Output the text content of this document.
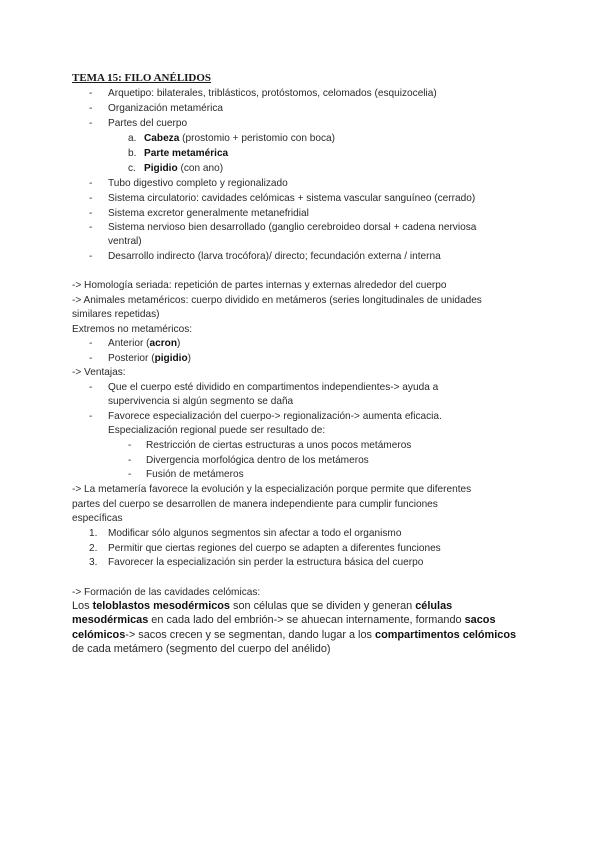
TEMA 15: FILO ANÉLIDOS
- Arquetipo: bilaterales, triblásticos, protóstomos, celomados (esquizocelia)
- Organización metamérica
- Partes del cuerpo
a. Cabeza (prostomio + peristomio con boca)
b. Parte metamérica
c. Pigidio (con ano)
- Tubo digestivo completo y regionalizado
- Sistema circulatorio: cavidades celómicas + sistema vascular sanguíneo (cerrado)
- Sistema excretor generalmente metanefridial
- Sistema nervioso bien desarrollado (ganglio cerebroideo dorsal + cadena nerviosa
ventral)
- Desarrollo indirecto (larva trocófora)/ directo; fecundación externa / interna
-> Homología seriada: repetición de partes internas y externas alrededor del cuerpo
-> Animales metaméricos: cuerpo dividido en metámeros (series longitudinales de unidades
similares repetidas)
Extremos no metaméricos:
- Anterior (acron)
- Posterior (pigidio)
-> Ventajas:
- Que el cuerpo esté dividido en compartimentos independientes-> ayuda a
supervivencia si algún segmento se daña
- Favorece especialización del cuerpo-> regionalización-> aumenta eficacia.
Especialización regional puede ser resultado de:
- Restricción de ciertas estructuras a unos pocos metámeros
- Divergencia morfológica dentro de los metámeros
- Fusión de metámeros
-> La metamería favorece la evolución y la especialización porque permite que diferentes
partes del cuerpo se desarrollen de manera independiente para cumplir funciones
específicas
1. Modificar sólo algunos segmentos sin afectar a todo el organismo
2. Permitir que ciertas regiones del cuerpo se adapten a diferentes funciones
3. Favorecer la especialización sin perder la estructura básica del cuerpo
-> Formación de las cavidades celómicas:
Los teloblastos mesodérmicos son células que se dividen y generan células
mesodérmicas en cada lado del embrión-> se ahuecan internamente, formando sacos
celómicos-> sacos crecen y se segmentan, dando lugar a los compartimentos celómicos
de cada metámero (segmento del cuerpo del anélido)
